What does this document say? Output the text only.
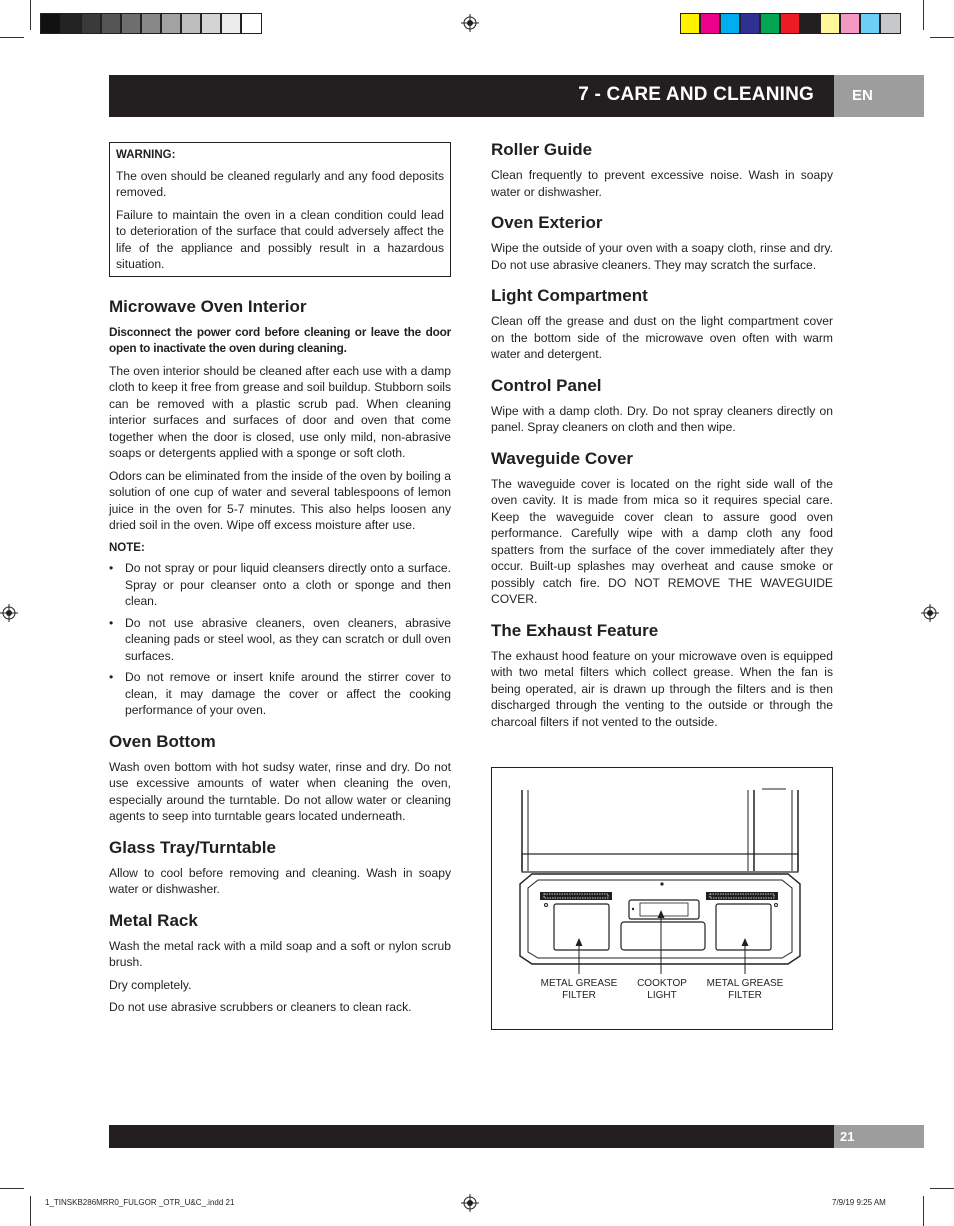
7 - CARE AND CLEANING	EN

WARNING:

The oven should be cleaned regularly and any food deposits removed.

Failure to maintain the oven in a clean condition could lead to deterioration of the surface that could adversely affect the life of the appliance and possibly result in a hazardous situation.

Microwave Oven Interior

Disconnect the power cord before cleaning or leave the door open to inactivate the oven during cleaning.

The oven interior should be cleaned after each use with a damp cloth to keep it free from grease and soil buildup. Stubborn soils can be removed with a plastic scrub pad. When cleaning interior surfaces and surfaces of door and oven that come together when the door is closed, use only mild, non-abrasive soaps or detergents applied with a sponge or soft cloth.

Odors can be eliminated from the inside of the oven by boiling a solution of one cup of water and several tablespoons of lemon juice in the oven for 5-7 minutes. This also helps loosen any dried soil in the oven. Wipe off excess moisture after use.

NOTE:

• Do not spray or pour liquid cleansers directly onto a surface. Spray or pour cleanser onto a cloth or sponge and then clean.
• Do not use abrasive cleaners, oven cleaners, abrasive cleaning pads or steel wool, as they can scratch or dull oven surfaces.
• Do not remove or insert knife around the stirrer cover to clean, it may damage the cover or affect the cooking performance of your oven.
Oven Bottom

Wash oven bottom with hot sudsy water, rinse and dry. Do not use excessive amounts of water when cleaning the oven, especially around the turntable. Do not allow water or cleaning agents to seep into turntable gears located underneath.

Glass Tray/Turntable

Allow to cool before removing and cleaning. Wash in soapy water or dishwasher.

Metal Rack

Wash the metal rack with a mild soap and a soft or nylon scrub brush.

Dry completely.

Do not use abrasive scrubbers or cleaners to clean rack.

Roller Guide

Clean frequently to prevent excessive noise. Wash in soapy water or dishwasher.

Oven Exterior

Wipe the outside of your oven with a soapy cloth, rinse and dry. Do not use abrasive cleaners. They may scratch the surface.

Light Compartment

Clean off the grease and dust on the light compartment cover on the bottom side of the microwave oven often with warm water and detergent.

Control Panel

Wipe with a damp cloth. Dry. Do not spray cleaners directly on panel. Spray cleaners on cloth and then wipe.

Waveguide Cover

The waveguide cover is located on the right side wall of the oven cavity. It is made from mica so it requires special care. Keep the waveguide cover clean to assure good oven performance. Carefully wipe with a damp cloth any food spatters from the surface of the cover immediately after they occur. Built-up splashes may overheat and cause smoke or possibly catch fire. DO NOT REMOVE THE WAVEGUIDE COVER.

The Exhaust Feature

The exhaust hood feature on your microwave oven is equipped with two metal filters which collect grease. When the fan is being operated, air is drawn up through the filters and is then discharged through the venting to the outside or through the charcoal filters if not vented to the outside.

METAL GREASE
FILTER
COOKTOP
LIGHT
METAL GREASE
FILTER
21
1_TINSKB286MRR0_FULGOR _OTR_U&C_.indd 21	7/9/19 9:25 AM
